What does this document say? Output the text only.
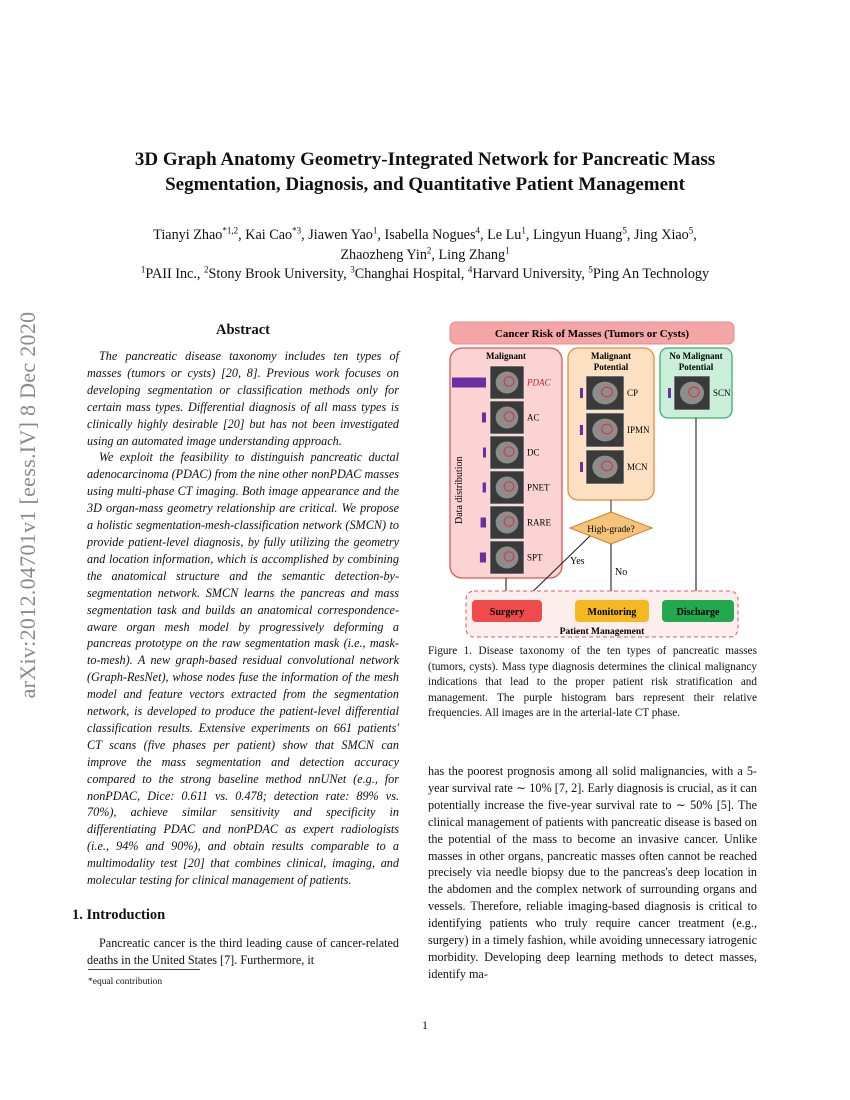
3D Graph Anatomy Geometry-Integrated Network for Pancreatic Mass
Segmentation, Diagnosis, and Quantitative Patient Management
Tianyi Zhao$^{*1,2}$, Kai Cao$^{*3}$, Jiawen Yao$^1$, Isabella Nogues$^4$, Le Lu$^1$, Lingyun Huang$^5$, Jing Xiao$^5$,
Zhaozheng Yin$^2$, Ling Zhang$^1$
$^1$PAII Inc., $^2$Stony Brook University, $^3$Changhai Hospital, $^4$Harvard University, $^5$Ping An Technology
arXiv:2012.04701v1 [eess.IV] 8 Dec 2020	Abstract

The pancreatic disease taxonomy includes ten types of masses (tumors or cysts) [20, 8]. Previous work focuses on developing segmentation or classification methods only for certain mass types. Differential diagnosis of all mass types is clinically highly desirable [20] but has not been investigated using an automated image understanding approach.

We exploit the feasibility to distinguish pancreatic ductal adenocarcinoma (PDAC) from the nine other nonPDAC masses using multi-phase CT imaging. Both image appearance and the 3D organ-mass geometry relationship are critical. We propose a holistic segmentation-mesh-classification network (SMCN) to provide patient-level diagnosis, by fully utilizing the geometry and location information, which is accomplished by combining the anatomical structure and the semantic detection-by-segmentation network. SMCN learns the pancreas and mass segmentation task and builds an anatomical correspondence-aware organ mesh model by progressively deforming a pancreas prototype on the raw segmentation mask (i.e., mask-to-mesh). A new graph-based residual convolutional network (Graph-ResNet), whose nodes fuse the information of the mesh model and feature vectors extracted from the segmentation network, is developed to produce the patient-level differential classification results. Extensive experiments on 661 patients' CT scans (five phases per patient) show that SMCN can improve the mass segmentation and detection accuracy compared to the strong baseline method nnUNet (e.g., for nonPDAC, Dice: 0.611 vs. 0.478; detection rate: 89% vs. 70%), achieve similar sensitivity and specificity in differentiating PDAC and nonPDAC as expert radiologists (i.e., 94% and 90%), and obtain results comparable to a multimodality test [20] that combines clinical, imaging, and molecular testing for clinical management of patients.

1. Introduction

Pancreatic cancer is the third leading cause of cancer-related deaths in the United States [7]. Furthermore, it

*equal contribution
Cancer Risk of Masses (Tumors or Cysts)
Malignant
Data distribution
PDAC
AC
DC
PNET
RARE
SPT
Malignant
Potential
CP
IPMN
MCN
No Malignant
Potential
SCN
High-grade?
Yes
No
Surgery	Monitoring	Discharge
Patient Management
Figure 1. Disease taxonomy of the ten types of pancreatic masses (tumors, cysts). Mass type diagnosis determines the clinical malignancy indications that lead to the proper patient risk stratification and management. The purple histogram bars represent their relative frequencies. All images are in the arterial-late CT phase.

has the poorest prognosis among all solid malignancies, with a 5-year survival rate ∼ 10% [7, 2]. Early diagnosis is crucial, as it can potentially increase the five-year survival rate to ∼ 50% [5]. The clinical management of patients with pancreatic disease is based on the potential of the mass to become an invasive cancer. Unlike masses in other organs, pancreatic masses often cannot be reached precisely via needle biopsy due to the pancreas's deep location in the abdomen and the complex network of surrounding organs and vessels. Therefore, reliable imaging-based diagnosis is critical to identifying patients who truly require cancer treatment (e.g., surgery) in a timely fashion, while avoiding unnecessary iatrogenic morbidity. Developing deep learning methods to detect masses, identify ma-

1
